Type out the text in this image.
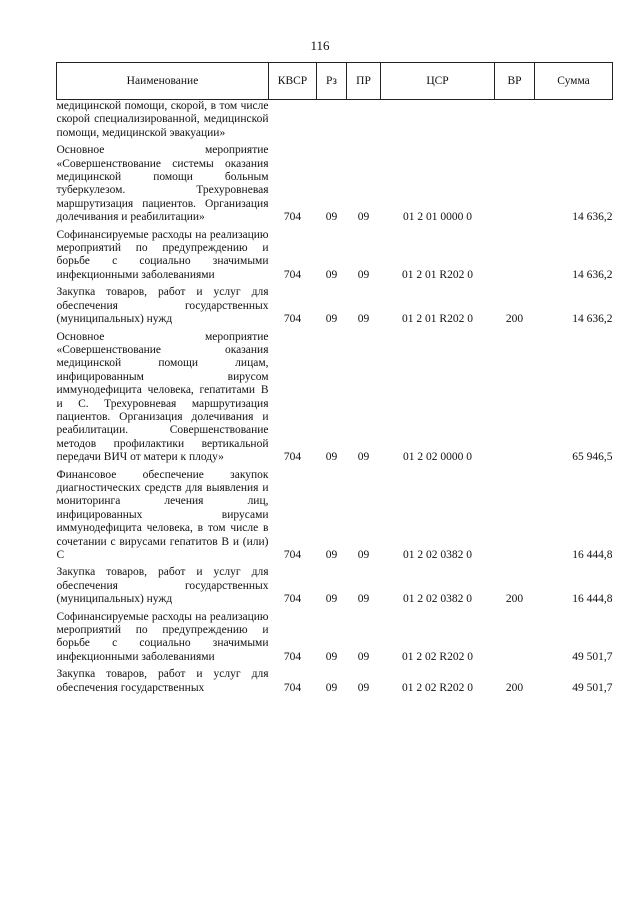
116
Наименование	КВСР	Рз	ПР	ЦСР	ВР	Сумма
медицинской помощи, скорой, в том числе скорой специализированной, медицинской помощи, медицинской эвакуации»						

Основное мероприятие «Совершенствование системы оказания медицинской помощи больным туберкулезом. Трехуровневая маршрутизация пациентов. Организация долечивания и реабилитации»	704	09	09	01 2 01 0000 0		14 636,2

Софинансируемые расходы на реализацию мероприятий по предупреждению и борьбе с социально значимыми инфекционными заболеваниями	704	09	09	01 2 01 R202 0		14 636,2

Закупка товаров, работ и услуг для обеспечения государственных (муниципальных) нужд	704	09	09	01 2 01 R202 0	200	14 636,2

Основное мероприятие «Совершенствование оказания медицинской помощи лицам, инфицированным вирусом иммунодефицита человека, гепатитами В и С. Трехуровневая маршрутизация пациентов. Организация долечивания и реабилитации. Совершенствование методов профилактики вертикальной передачи ВИЧ от матери к плоду»	704	09	09	01 2 02 0000 0		65 946,5

Финансовое обеспечение закупок диагностических средств для выявления и мониторинга лечения лиц, инфицированных вирусами иммунодефицита человека, в том числе в сочетании с вирусами гепатитов В и (или) С	704	09	09	01 2 02 0382 0		16 444,8

Закупка товаров, работ и услуг для обеспечения государственных (муниципальных) нужд	704	09	09	01 2 02 0382 0	200	16 444,8

Софинансируемые расходы на реализацию мероприятий по предупреждению и борьбе с социально значимыми инфекционными заболеваниями	704	09	09	01 2 02 R202 0		49 501,7

Закупка товаров, работ и услуг для обеспечения государственных	704	09	09	01 2 02 R202 0	200	49 501,7
